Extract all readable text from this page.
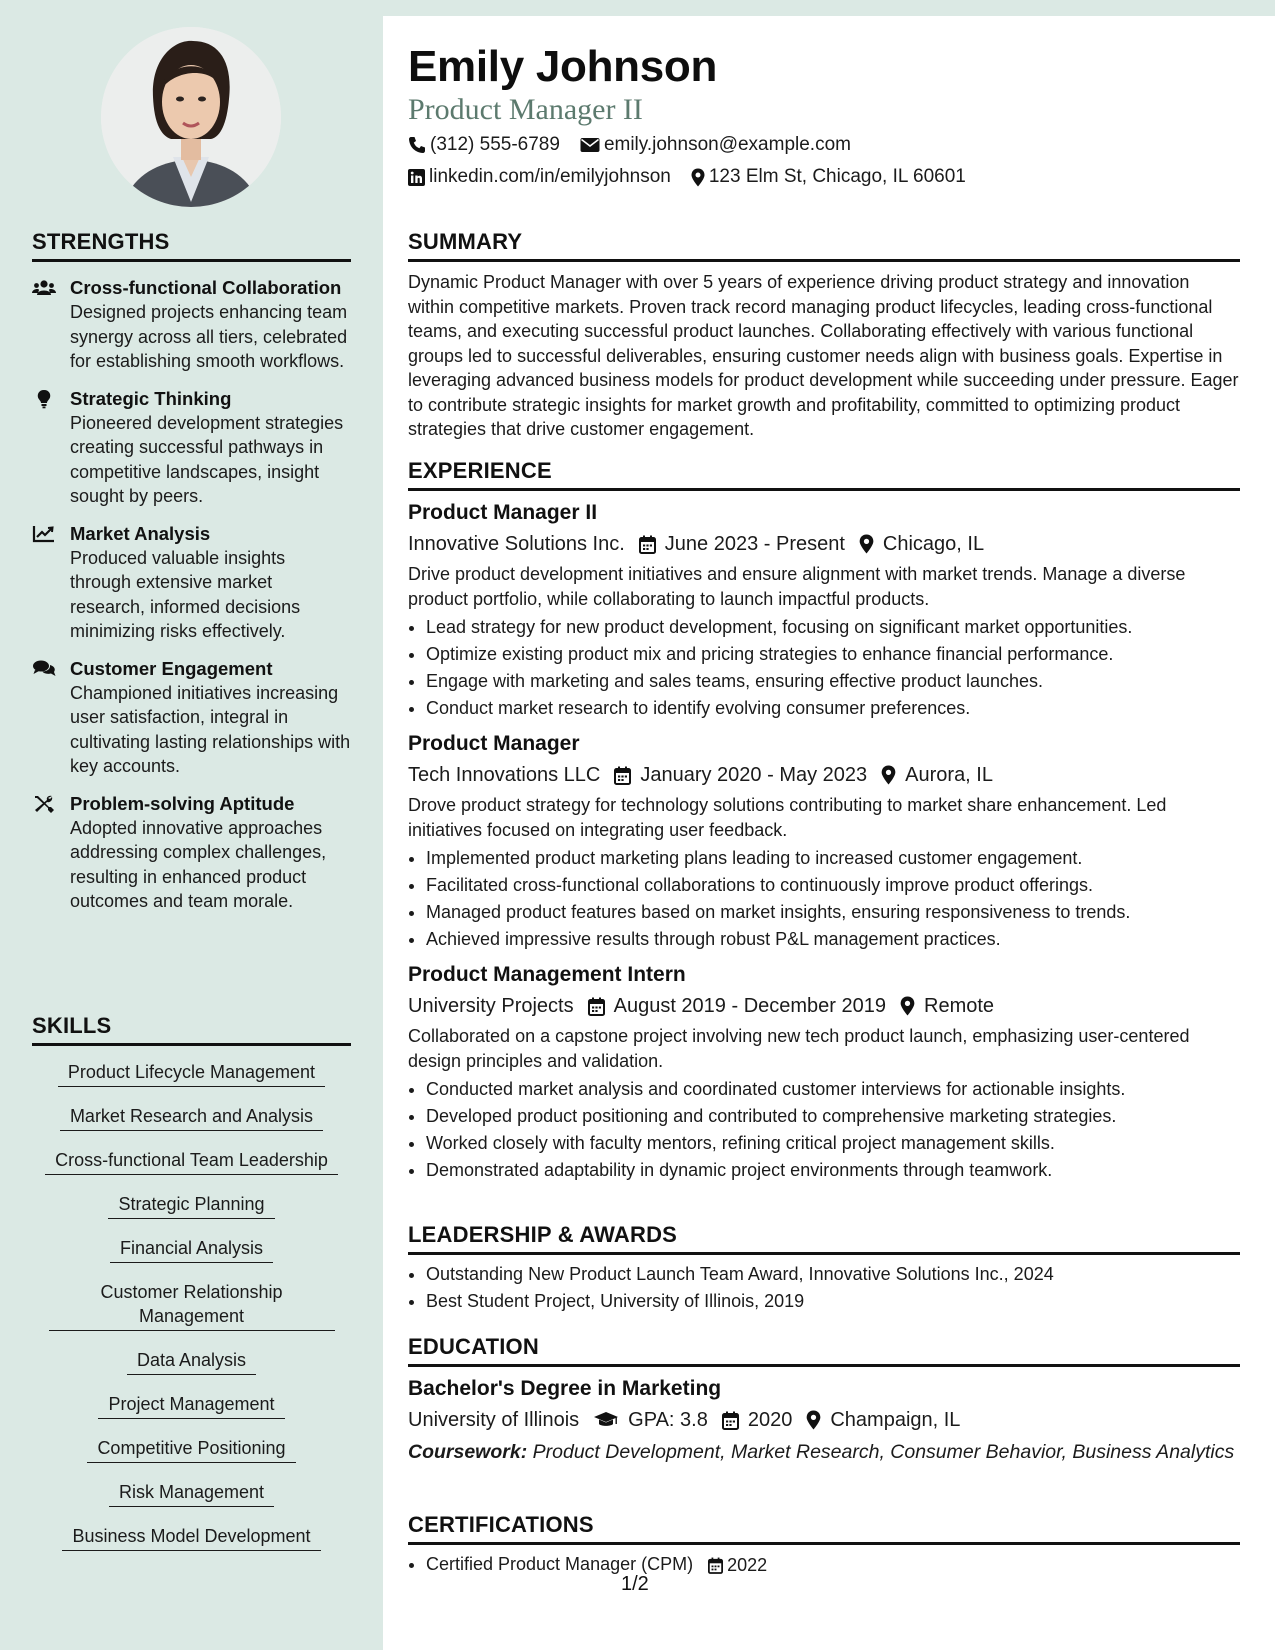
STRENGTHS
Cross-functional Collaboration
Designed projects enhancing team synergy across all tiers, celebrated for establishing smooth workflows.
Strategic Thinking
Pioneered development strategies creating successful pathways in competitive landscapes, insight sought by peers.
Market Analysis
Produced valuable insights through extensive market research, informed decisions minimizing risks effectively.
Customer Engagement
Championed initiatives increasing user satisfaction, integral in cultivating lasting relationships with key accounts.
Problem-solving Aptitude
Adopted innovative approaches addressing complex challenges, resulting in enhanced product outcomes and team morale.
SKILLS
Product Lifecycle Management
Market Research and Analysis
Cross-functional Team Leadership
Strategic Planning
Financial Analysis
Customer Relationship Management
Data Analysis
Project Management
Competitive Positioning
Risk Management
Business Model Development
Emily Johnson
Product Manager II
(312) 555-6789 emily.johnson@example.com
linkedin.com/in/emilyjohnson 123 Elm St, Chicago, IL 60601
SUMMARY

Dynamic Product Manager with over 5 years of experience driving product strategy and innovation within competitive markets. Proven track record managing product lifecycles, leading cross-functional teams, and executing successful product launches. Collaborating effectively with various functional groups led to successful deliverables, ensuring customer needs align with business goals. Expertise in leveraging advanced business models for product development while succeeding under pressure. Eager to contribute strategic insights for market growth and profitability, committed to optimizing product strategies that drive customer engagement.

EXPERIENCE
Product Manager II
Innovative Solutions Inc. June 2023 - Present Chicago, IL

Drive product development initiatives and ensure alignment with market trends. Manage a diverse product portfolio, while collaborating to launch impactful products.

• Lead strategy for new product development, focusing on significant market opportunities.
• Optimize existing product mix and pricing strategies to enhance financial performance.
• Engage with marketing and sales teams, ensuring effective product launches.
• Conduct market research to identify evolving consumer preferences.
Product Manager
Tech Innovations LLC January 2020 - May 2023 Aurora, IL

Drove product strategy for technology solutions contributing to market share enhancement. Led initiatives focused on integrating user feedback.

• Implemented product marketing plans leading to increased customer engagement.
• Facilitated cross-functional collaborations to continuously improve product offerings.
• Managed product features based on market insights, ensuring responsiveness to trends.
• Achieved impressive results through robust P&L management practices.
Product Management Intern
University Projects August 2019 - December 2019 Remote

Collaborated on a capstone project involving new tech product launch, emphasizing user-centered design principles and validation.

• Conducted market analysis and coordinated customer interviews for actionable insights.
• Developed product positioning and contributed to comprehensive marketing strategies.
• Worked closely with faculty mentors, refining critical project management skills.
• Demonstrated adaptability in dynamic project environments through teamwork.
LEADERSHIP & AWARDS
• Outstanding New Product Launch Team Award, Innovative Solutions Inc., 2024
• Best Student Project, University of Illinois, 2019
EDUCATION
Bachelor's Degree in Marketing
University of Illinois GPA: 3.8 2020 Champaign, IL
Coursework: Product Development, Market Research, Consumer Behavior, Business Analytics
CERTIFICATIONS
• Certified Product Manager (CPM) 2022
1/2
